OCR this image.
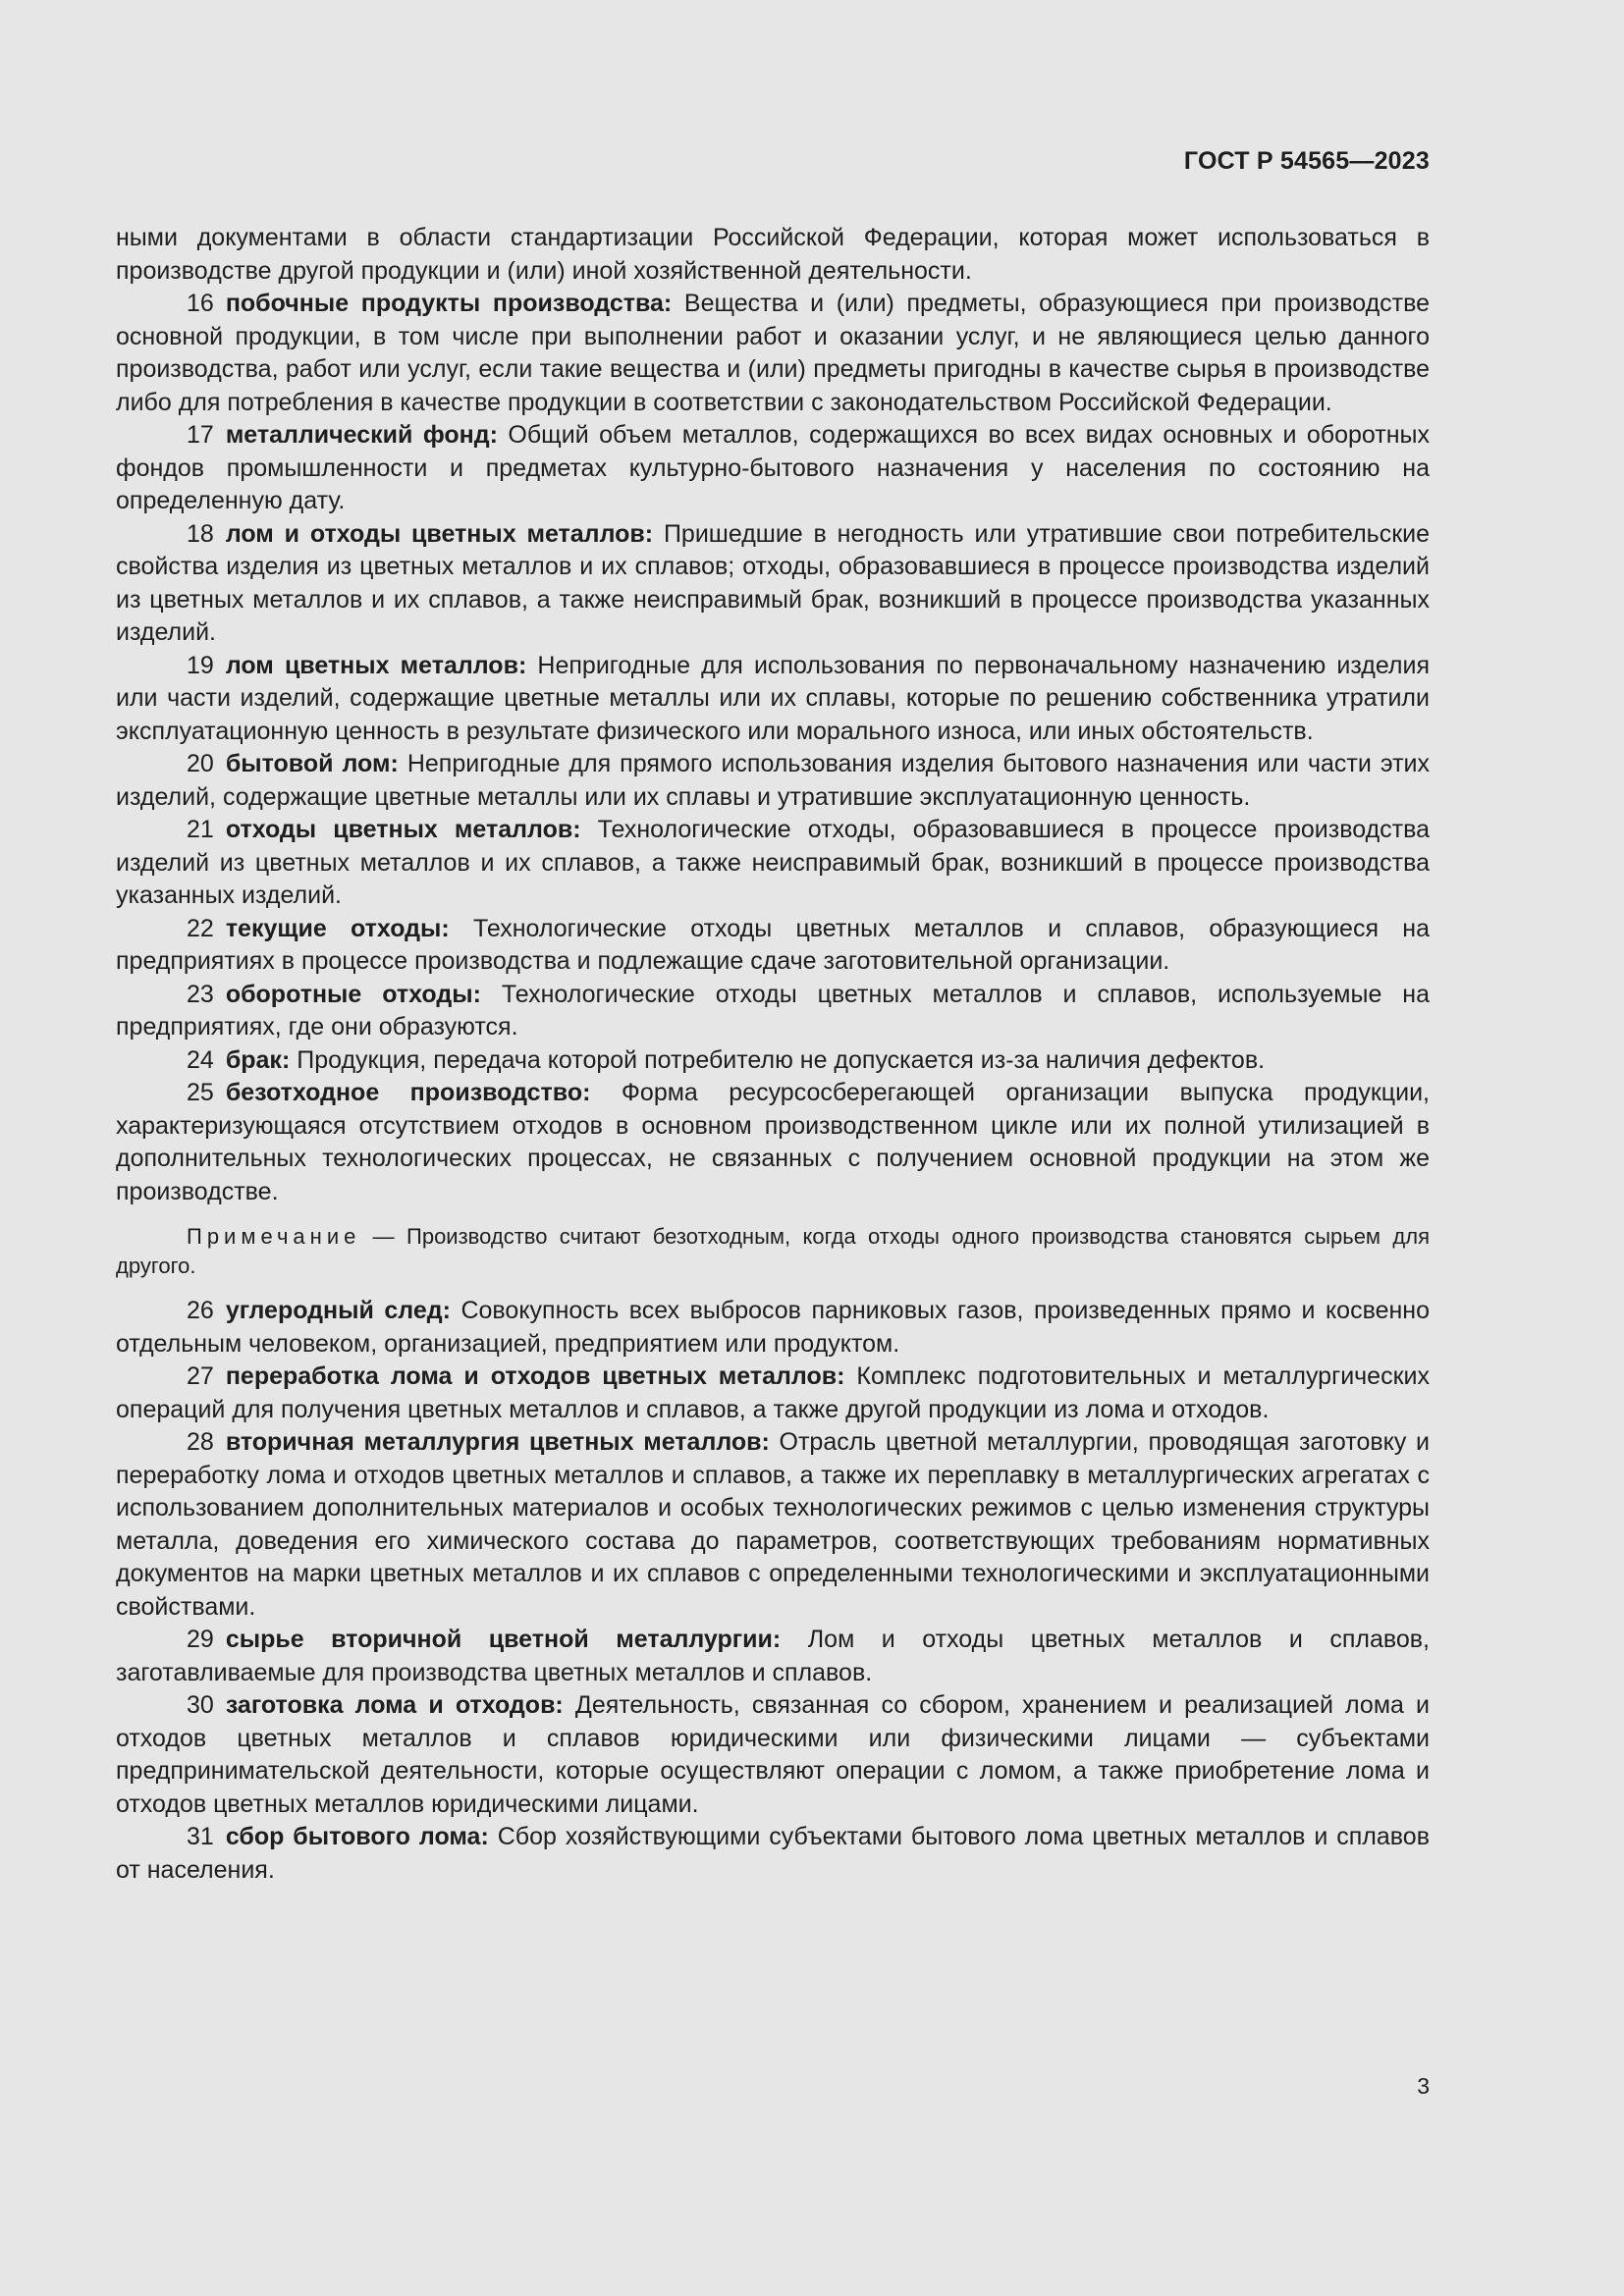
ГОСТ Р 54565—2023

ными документами в области стандартизации Российской Федерации, которая может использоваться в производстве другой продукции и (или) иной хозяйственной деятельности.

16 побочные продукты производства: Вещества и (или) предметы, образующиеся при производстве основной продукции, в том числе при выполнении работ и оказании услуг, и не являющиеся целью данного производства, работ или услуг, если такие вещества и (или) предметы пригодны в качестве сырья в производстве либо для потребления в качестве продукции в соответствии с законодательством Российской Федерации.

17 металлический фонд: Общий объем металлов, содержащихся во всех видах основных и оборотных фондов промышленности и предметах культурно-бытового назначения у населения по состоянию на определенную дату.

18 лом и отходы цветных металлов: Пришедшие в негодность или утратившие свои потребительские свойства изделия из цветных металлов и их сплавов; отходы, образовавшиеся в процессе производства изделий из цветных металлов и их сплавов, а также неисправимый брак, возникший в процессе производства указанных изделий.

19 лом цветных металлов: Непригодные для использования по первоначальному назначению изделия или части изделий, содержащие цветные металлы или их сплавы, которые по решению собственника утратили эксплуатационную ценность в результате физического или морального износа, или иных обстоятельств.

20 бытовой лом: Непригодные для прямого использования изделия бытового назначения или части этих изделий, содержащие цветные металлы или их сплавы и утратившие эксплуатационную ценность.

21 отходы цветных металлов: Технологические отходы, образовавшиеся в процессе производства изделий из цветных металлов и их сплавов, а также неисправимый брак, возникший в процессе производства указанных изделий.

22 текущие отходы: Технологические отходы цветных металлов и сплавов, образующиеся на предприятиях в процессе производства и подлежащие сдаче заготовительной организации.

23 оборотные отходы: Технологические отходы цветных металлов и сплавов, используемые на предприятиях, где они образуются.

24 брак: Продукция, передача которой потребителю не допускается из-за наличия дефектов.

25 безотходное производство: Форма ресурсосберегающей организации выпуска продукции, характеризующаяся отсутствием отходов в основном производственном цикле или их полной утилизацией в дополнительных технологических процессах, не связанных с получением основной продукции на этом же производстве.

Примечание — Производство считают безотходным, когда отходы одного производства становятся сырьем для другого.

26 углеродный след: Совокупность всех выбросов парниковых газов, произведенных прямо и косвенно отдельным человеком, организацией, предприятием или продуктом.

27 переработка лома и отходов цветных металлов: Комплекс подготовительных и металлургических операций для получения цветных металлов и сплавов, а также другой продукции из лома и отходов.

28 вторичная металлургия цветных металлов: Отрасль цветной металлургии, проводящая заготовку и переработку лома и отходов цветных металлов и сплавов, а также их переплавку в металлургических агрегатах с использованием дополнительных материалов и особых технологических режимов с целью изменения структуры металла, доведения его химического состава до параметров, соответствующих требованиям нормативных документов на марки цветных металлов и их сплавов с определенными технологическими и эксплуатационными свойствами.

29 сырье вторичной цветной металлургии: Лом и отходы цветных металлов и сплавов, заготавливаемые для производства цветных металлов и сплавов.

30 заготовка лома и отходов: Деятельность, связанная со сбором, хранением и реализацией лома и отходов цветных металлов и сплавов юридическими или физическими лицами — субъектами предпринимательской деятельности, которые осуществляют операции с ломом, а также приобретение лома и отходов цветных металлов юридическими лицами.

31 сбор бытового лома: Сбор хозяйствующими субъектами бытового лома цветных металлов и сплавов от населения.

3
